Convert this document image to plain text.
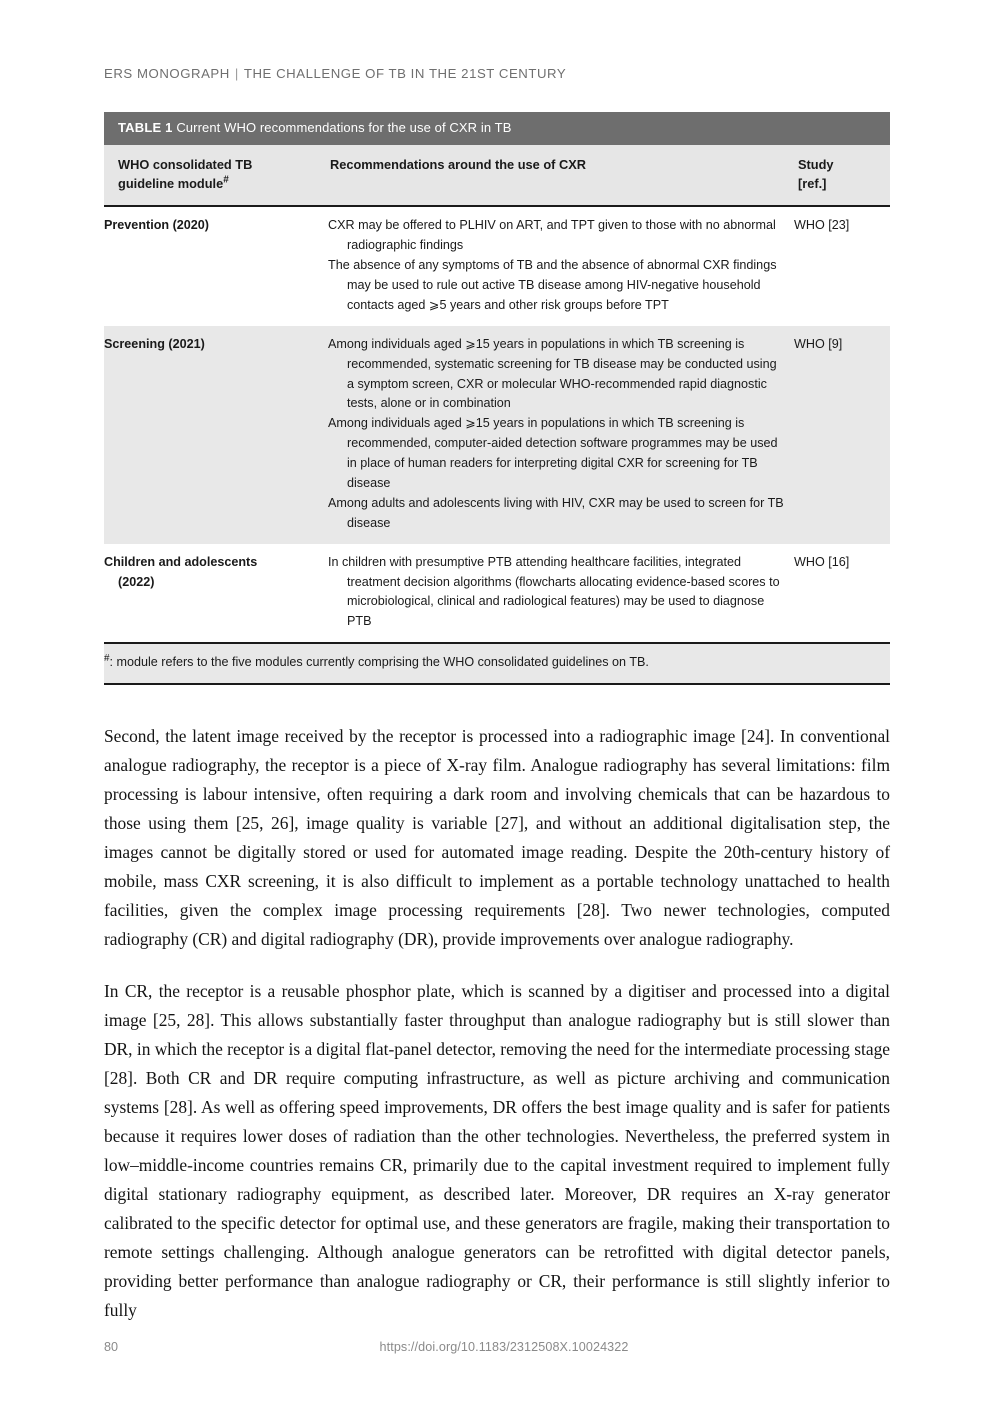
ERS MONOGRAPH | THE CHALLENGE OF TB IN THE 21ST CENTURY
TABLE 1 Current WHO recommendations for the use of CXR in TB
WHO consolidated TB
guideline module#	Recommendations around the use of CXR	Study
[ref.]
Prevention (2020)	CXR may be offered to PLHIV on ART, and TPT given to those with no abnormal radiographic findings

The absence of any symptoms of TB and the absence of abnormal CXR findings may be used to rule out active TB disease among HIV-negative household contacts aged ⩾5 years and other risk groups before TPT	WHO [23]
Screening (2021)	Among individuals aged ⩾15 years in populations in which TB screening is recommended, systematic screening for TB disease may be conducted using a symptom screen, CXR or molecular WHO-recommended rapid diagnostic tests, alone or in combination

Among individuals aged ⩾15 years in populations in which TB screening is recommended, computer-aided detection software programmes may be used in place of human readers for interpreting digital CXR for screening for TB disease

Among adults and adolescents living with HIV, CXR may be used to screen for TB disease	WHO [9]
Children and adolescents
(2022)	In children with presumptive PTB attending healthcare facilities, integrated treatment decision algorithms (flowcharts allocating evidence-based scores to microbiological, clinical and radiological features) may be used to diagnose PTB	WHO [16]
#: module refers to the five modules currently comprising the WHO consolidated guidelines on TB.		

Second, the latent image received by the receptor is processed into a radiographic image [24]. In conventional analogue radiography, the receptor is a piece of X-ray film. Analogue radiography has several limitations: film processing is labour intensive, often requiring a dark room and involving chemicals that can be hazardous to those using them [25, 26], image quality is variable [27], and without an additional digitalisation step, the images cannot be digitally stored or used for automated image reading. Despite the 20th-century history of mobile, mass CXR screening, it is also difficult to implement as a portable technology unattached to health facilities, given the complex image processing requirements [28]. Two newer technologies, computed radiography (CR) and digital radiography (DR), provide improvements over analogue radiography.

In CR, the receptor is a reusable phosphor plate, which is scanned by a digitiser and processed into a digital image [25, 28]. This allows substantially faster throughput than analogue radiography but is still slower than DR, in which the receptor is a digital flat-panel detector, removing the need for the intermediate processing stage [28]. Both CR and DR require computing infrastructure, as well as picture archiving and communication systems [28]. As well as offering speed improvements, DR offers the best image quality and is safer for patients because it requires lower doses of radiation than the other technologies. Nevertheless, the preferred system in low–middle-income countries remains CR, primarily due to the capital investment required to implement fully digital stationary radiography equipment, as described later. Moreover, DR requires an X-ray generator calibrated to the specific detector for optimal use, and these generators are fragile, making their transportation to remote settings challenging. Although analogue generators can be retrofitted with digital detector panels, providing better performance than analogue radiography or CR, their performance is still slightly inferior to fully

80	https://doi.org/10.1183/2312508X.10024322
